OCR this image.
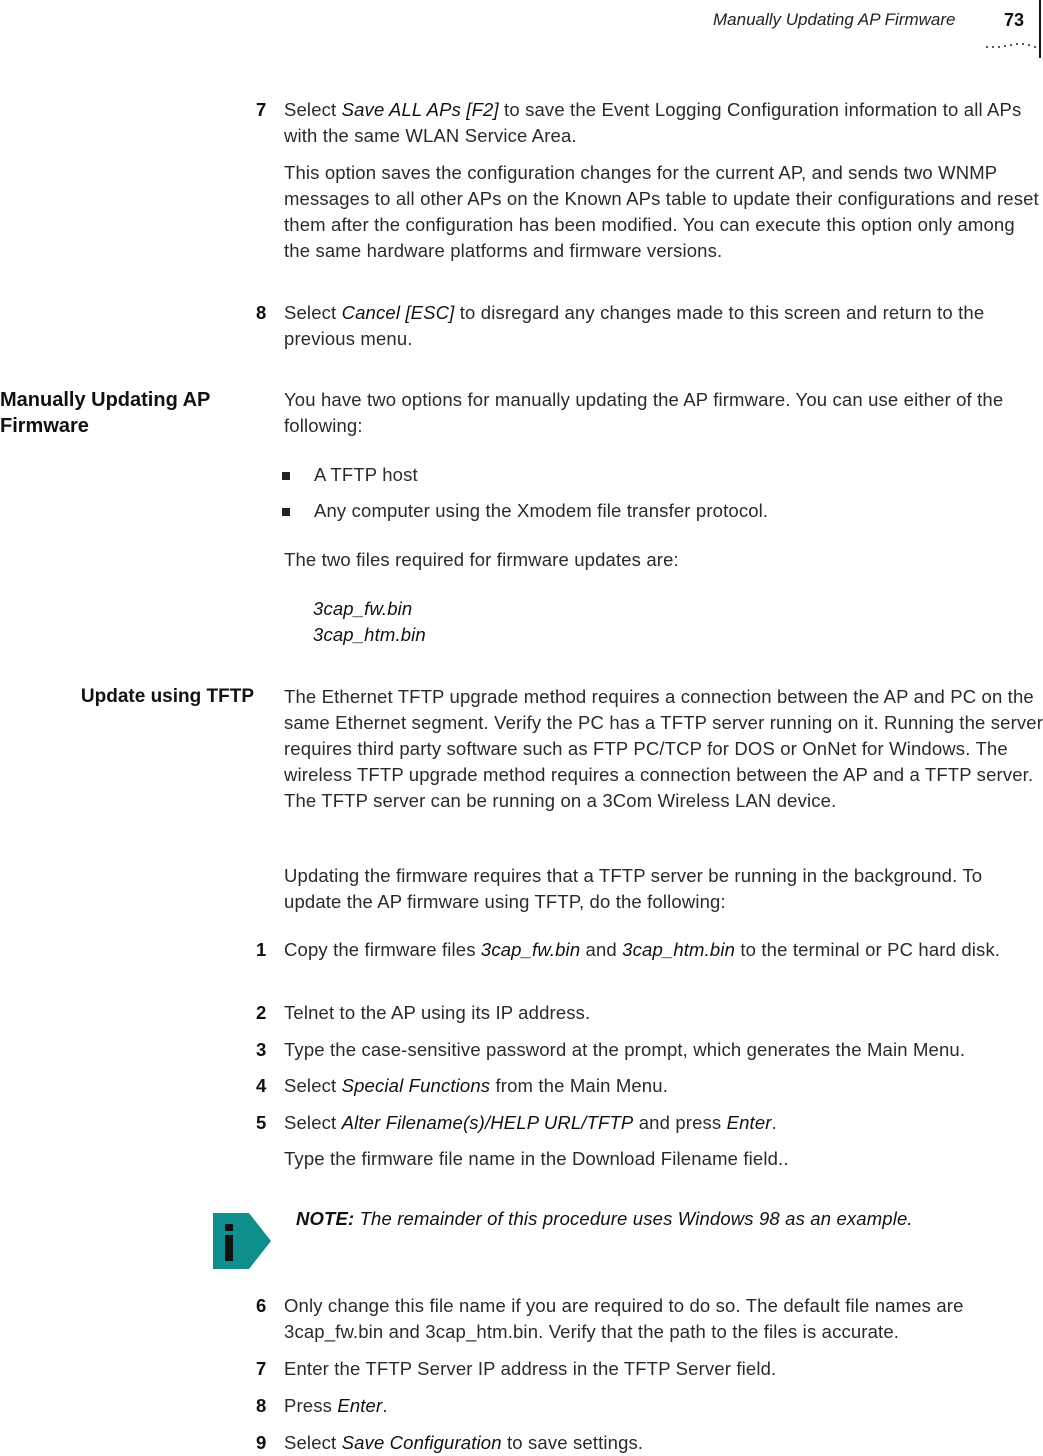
Manually Updating AP Firmware	73
7 Select Save ALL APs [F2] to save the Event Logging Configuration information to all APs with the same WLAN Service Area.
This option saves the configuration changes for the current AP, and sends two WNMP messages to all other APs on the Known APs table to update their configurations and reset them after the configuration has been modified. You can execute this option only among the same hardware platforms and firmware versions.
8 Select Cancel [ESC] to disregard any changes made to this screen and return to the previous menu.
Manually Updating AP Firmware
You have two options for manually updating the AP firmware. You can use either of the following:
A TFTP host
Any computer using the Xmodem file transfer protocol.
The two files required for firmware updates are:
3cap_fw.bin
3cap_htm.bin
Update using TFTP The Ethernet TFTP upgrade method requires a connection between the AP and PC on the same Ethernet segment. Verify the PC has a TFTP server running on it. Running the server requires third party software such as FTP PC/TCP for DOS or OnNet for Windows. The wireless TFTP upgrade method requires a connection between the AP and a TFTP server. The TFTP server can be running on a 3Com Wireless LAN device.
Updating the firmware requires that a TFTP server be running in the background. To update the AP firmware using TFTP, do the following:
1 Copy the firmware files 3cap_fw.bin and 3cap_htm.bin to the terminal or PC hard disk.
2 Telnet to the AP using its IP address.
3 Type the case-sensitive password at the prompt, which generates the Main Menu.
4 Select Special Functions from the Main Menu.
5 Select Alter Filename(s)/HELP URL/TFTP and press Enter.
Type the firmware file name in the Download Filename field..
NOTE: The remainder of this procedure uses Windows 98 as an example.
6 Only change this file name if you are required to do so. The default file names are 3cap_fw.bin and 3cap_htm.bin. Verify that the path to the files is accurate.
7 Enter the TFTP Server IP address in the TFTP Server field.
8 Press Enter.
9 Select Save Configuration to save settings.
